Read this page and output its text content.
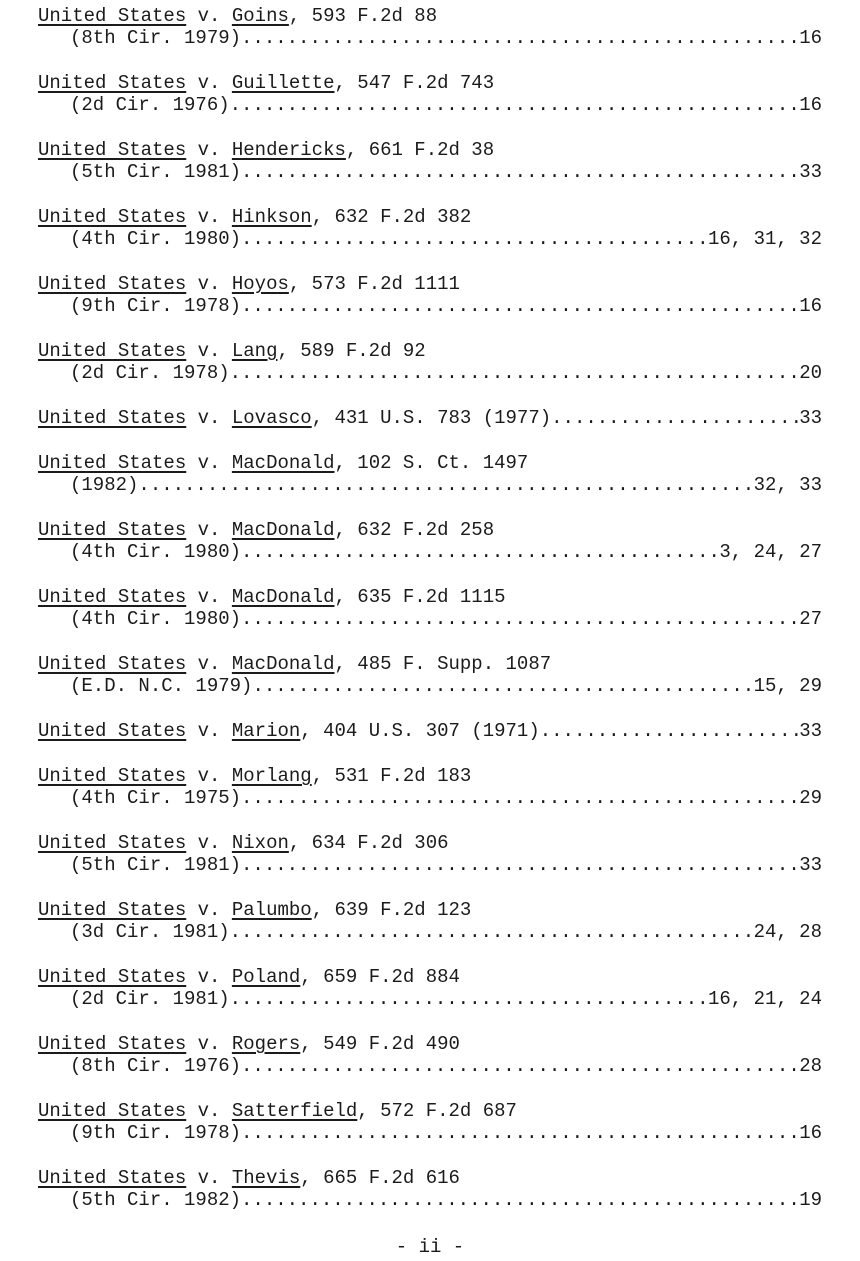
United States v. Goins, 593 F.2d 88
(8th Cir. 1979) .....	16
United States v. Guillette, 547 F.2d 743
(2d Cir. 1976) .....	16
United States v. Hendericks, 661 F.2d 38
(5th Cir. 1981) .....	33
United States v. Hinkson, 632 F.2d 382
(4th Cir. 1980) .....	16, 31, 32
United States v. Hoyos, 573 F.2d 1111
(9th Cir. 1978) .....	16
United States v. Lang, 589 F.2d 92
(2d Cir. 1978) .....	20
United States
v.
Lovasco , 431 U.S. 783 (1977) .....	33
United States v. MacDonald, 102 S. Ct. 1497
(1982) .....	32, 33
United States v. MacDonald, 632 F.2d 258
(4th Cir. 1980) .....	3, 24, 27
United States v. MacDonald, 635 F.2d 1115
(4th Cir. 1980) .....	27
United States v. MacDonald, 485 F. Supp. 1087
(E.D. N.C. 1979) .....	15, 29
United States
v.
Marion , 404 U.S. 307 (1971) .....	33
United States v. Morlang, 531 F.2d 183
(4th Cir. 1975) .....	29
United States v. Nixon, 634 F.2d 306
(5th Cir. 1981) .....	33
United States v. Palumbo, 639 F.2d 123
(3d Cir. 1981) .....	24, 28
United States v. Poland, 659 F.2d 884
(2d Cir. 1981) .....	16, 21, 24
United States v. Rogers, 549 F.2d 490
(8th Cir. 1976) .....	28
United States v. Satterfield, 572 F.2d 687
(9th Cir. 1978) .....	16
United States v. Thevis, 665 F.2d 616
(5th Cir. 1982) .....	19
- ii -
